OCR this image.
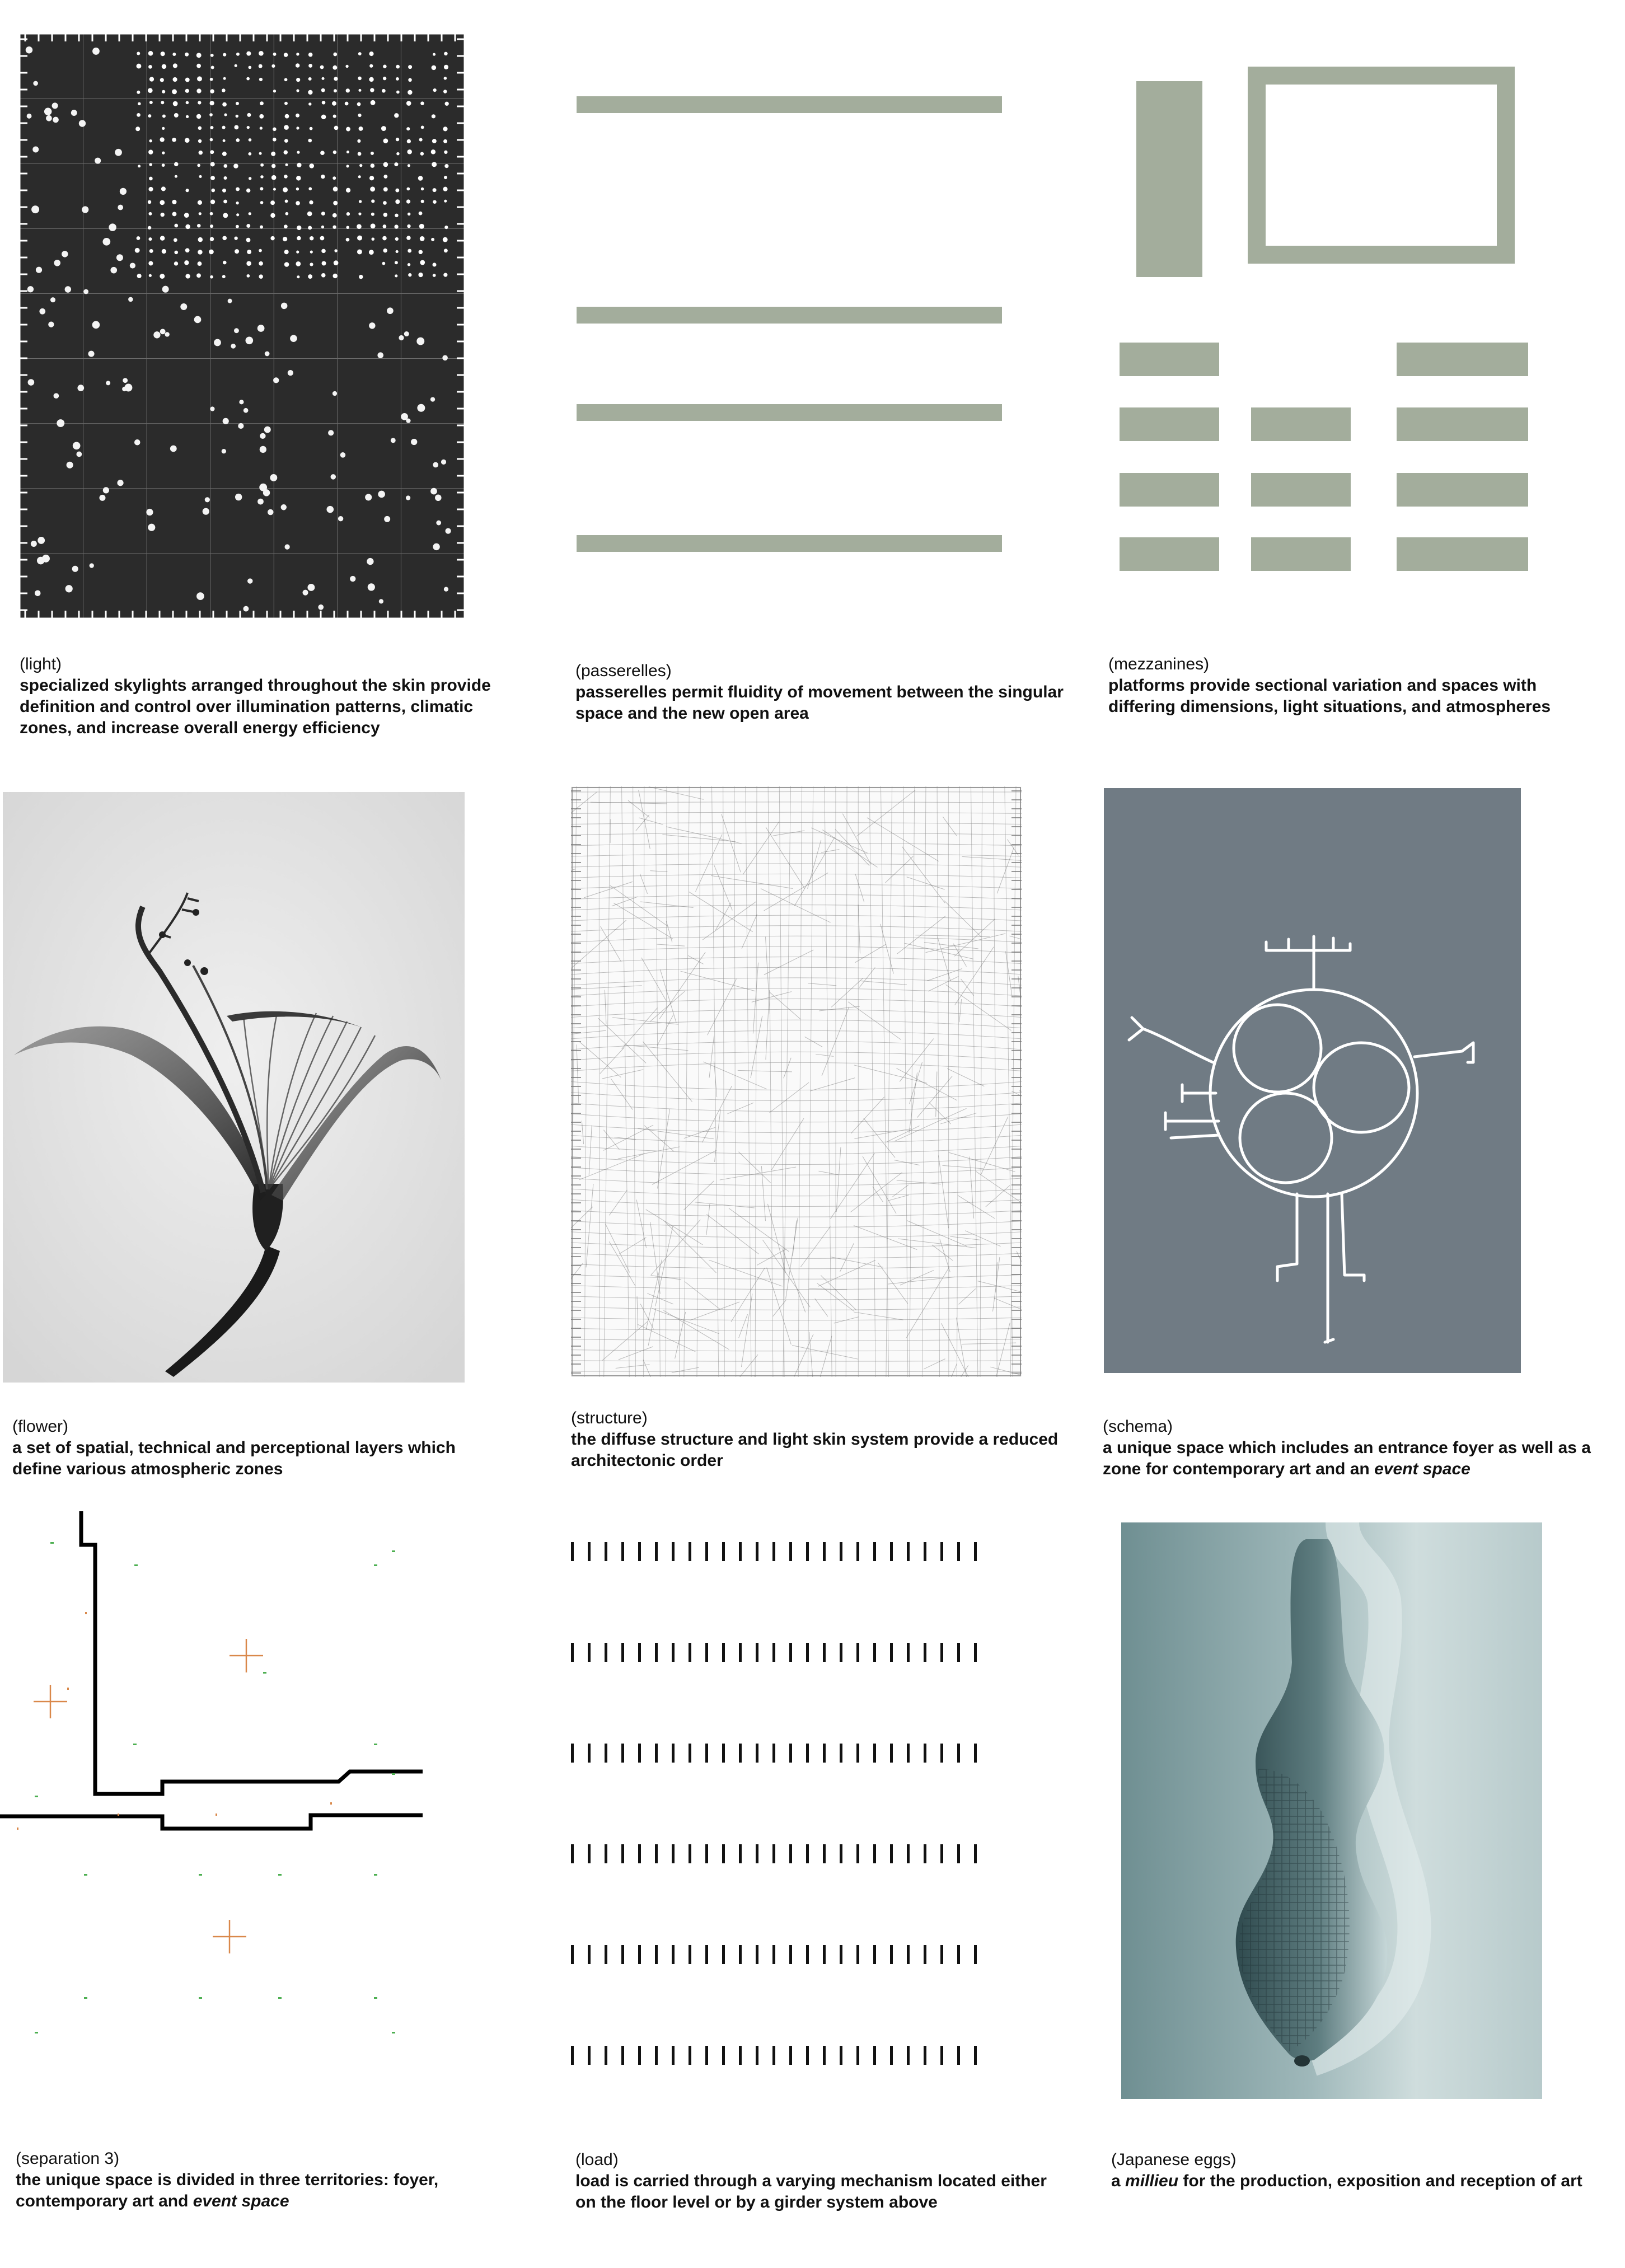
(light)
specialized skylights arranged throughout the skin provide definition and control over illumination patterns, climatic zones, and increase overall energy efficiency
(passerelles)
passerelles permit fluidity of movement between the singular space and the new open area
(mezzanines)
platforms provide sectional variation and spaces with differing dimensions, light situations, and atmospheres
(flower)
a set of spatial, technical and perceptional layers which define various atmospheric zones
(structure)
the diffuse structure and light skin system provide a reduced architectonic order
(schema)
a unique space which includes an entrance foyer as well as a zone for contemporary art and an event space
(separation 3)
the unique space is divided in three territories: foyer, contemporary art and event space
(load)
load is carried through a varying mechanism located either on the floor level or by a girder system above
(Japanese eggs)
a millieu for the production, exposition and reception of art
